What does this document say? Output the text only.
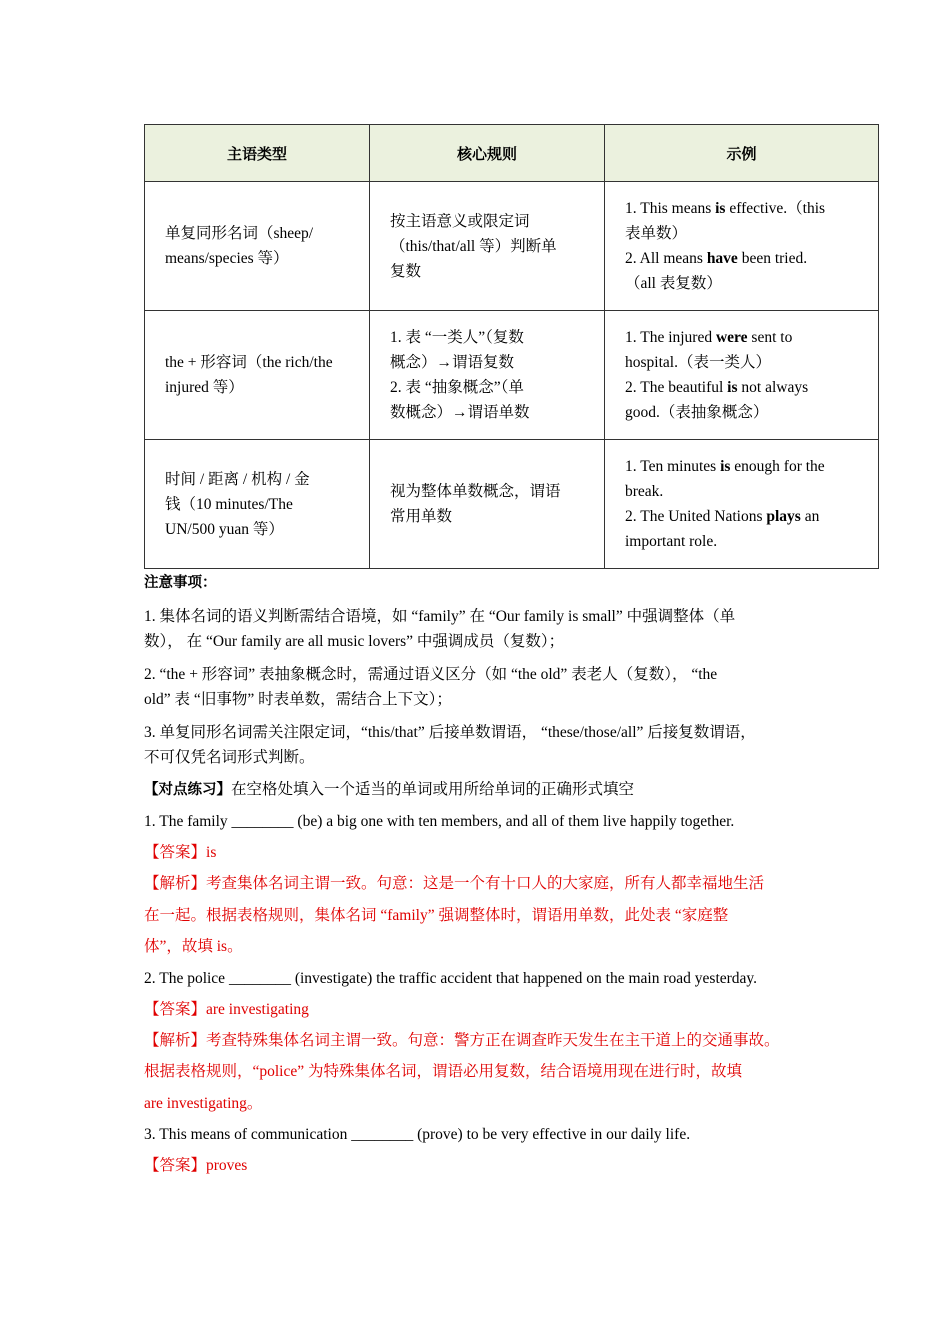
主语类型	核心规则	示例

单复同形名词（sheep/
means/species 等）	按主语意义或限定词
（this/that/all 等）判断单
复数	1. This means is effective.（this
表单数）
2. All means have been tried.
（all 表复数）

the + 形容词（the rich/the
injured 等）	1. 表 “一类人”（复数
概念）→谓语复数
2. 表 “抽象概念”（单
数概念）→谓语单数	1. The injured were sent to
hospital.（表一类人）
2. The beautiful is not always
good.（表抽象概念）

时间 / 距离 / 机构 / 金
钱（10 minutes/The
UN/500 yuan 等）	视为整体单数概念，谓语
常用单数	1. Ten minutes is enough for the
break.
2. The United Nations plays an
important role.
注意事项：
1. 集体名词的语义判断需结合语境，如 “family” 在 “Our family is small” 中强调整体（单
数）， 在 “Our family are all music lovers” 中强调成员（复数）；
2. “the + 形容词” 表抽象概念时，需通过语义区分（如 “the old” 表老人（复数）， “the
old” 表 “旧事物” 时表单数，需结合上下文）；
3. 单复同形名词需关注限定词，“this/that” 后接单数谓语， “these/those/all” 后接复数谓语，
不可仅凭名词形式判断。
【对点练习】在空格处填入一个适当的单词或用所给单词的正确形式填空
1. The family ________ (be) a big one with ten members, and all of them live happily together.
【答案】is
【解析】考查集体名词主谓一致。句意：这是一个有十口人的大家庭，所有人都幸福地生活
在一起。根据表格规则，集体名词 “family” 强调整体时，谓语用单数，此处表 “家庭整
体”，故填 is。
2. The police ________ (investigate) the traffic accident that happened on the main road yesterday.
【答案】are investigating
【解析】考查特殊集体名词主谓一致。句意：警方正在调查昨天发生在主干道上的交通事故。
根据表格规则，“police” 为特殊集体名词，谓语必用复数，结合语境用现在进行时，故填
are investigating。
3. This means of communication ________ (prove) to be very effective in our daily life.
【答案】proves
